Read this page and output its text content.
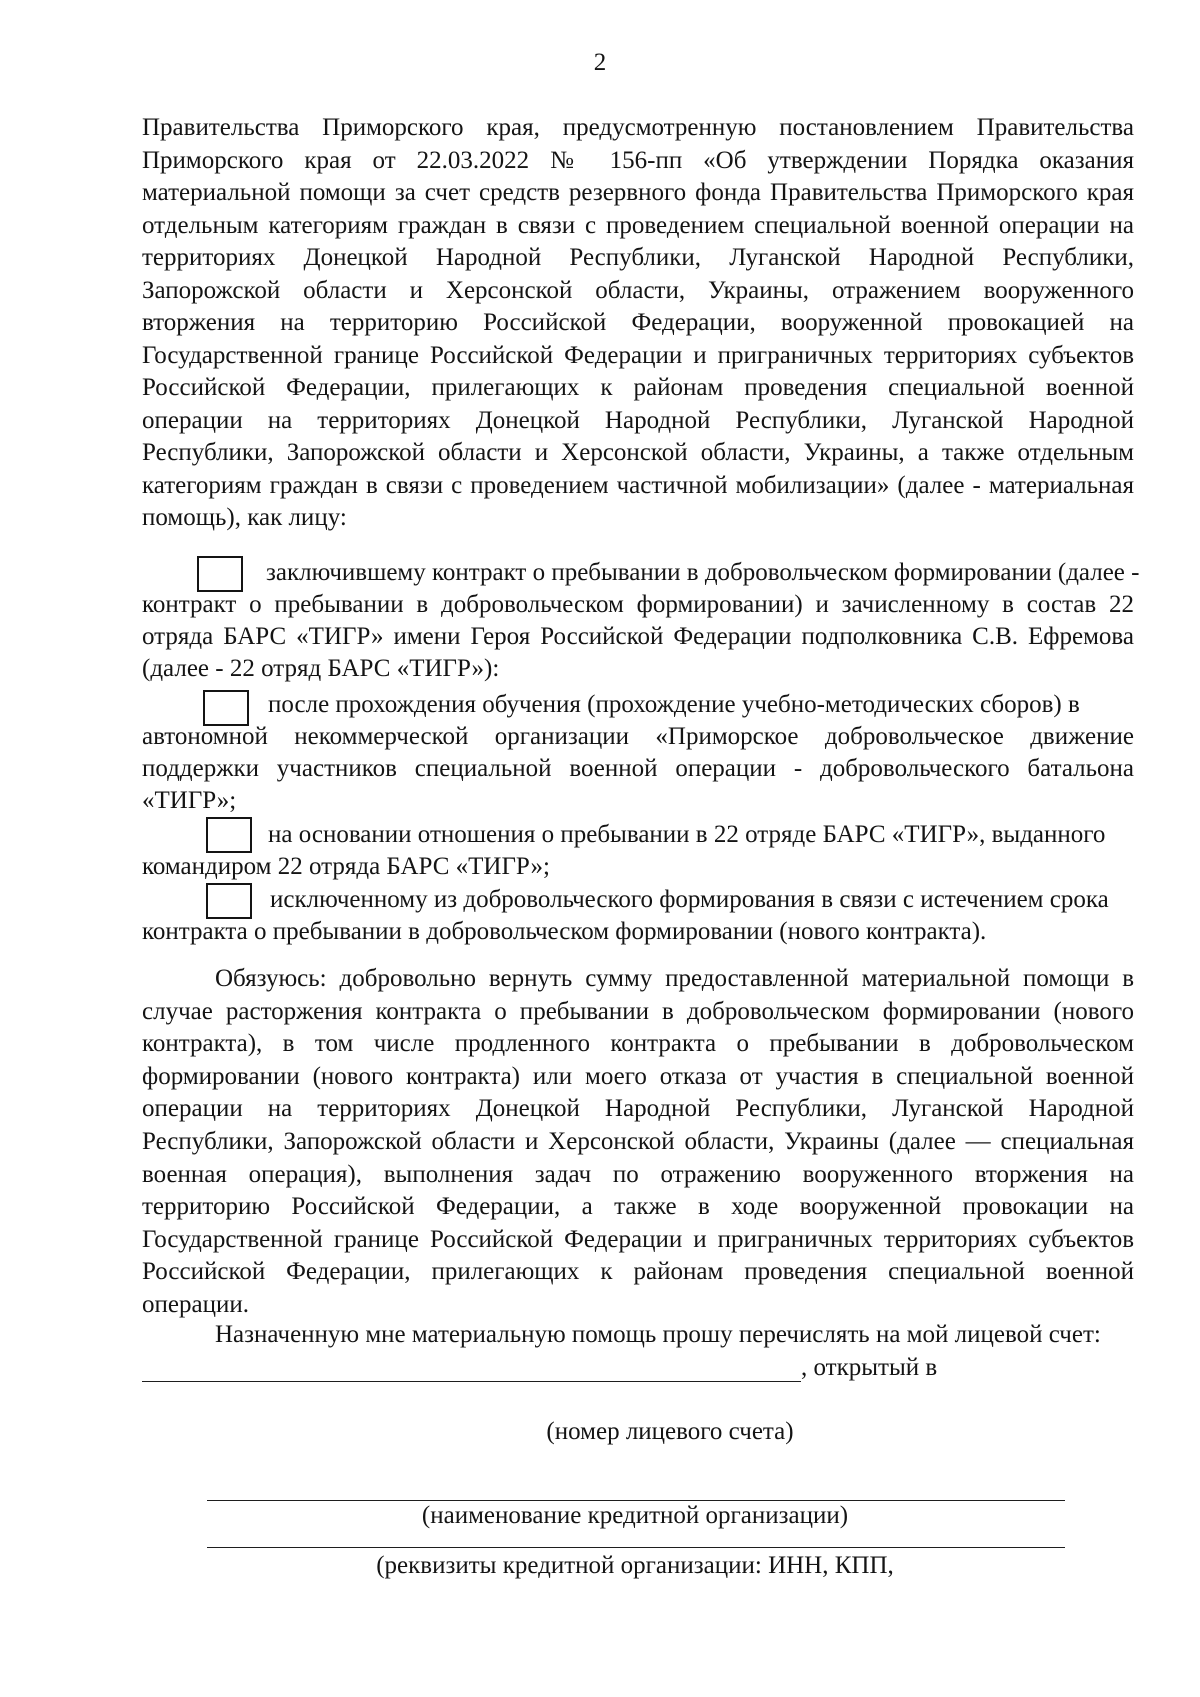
2
Правительства Приморского края, предусмотренную постановлением Правительства Приморского края от 22.03.2022 № 156-пп «Об утверждении Порядка оказания материальной помощи за счет средств резервного фонда Правительства Приморского края отдельным категориям граждан в связи с проведением специальной военной операции на территориях Донецкой Народной Республики, Луганской Народной Республики, Запорожской области и Херсонской области, Украины, отражением вооруженного вторжения на территорию Российской Федерации, вооруженной провокацией на Государственной границе Российской Федерации и приграничных территориях субъектов Российской Федерации, прилегающих к районам проведения специальной военной операции на территориях Донецкой Народной Республики, Луганской Народной Республики, Запорожской области и Херсонской области, Украины, а также отдельным категориям граждан в связи с проведением частичной мобилизации» (далее - материальная помощь), как лицу:
заключившему контракт о пребывании в добровольческом формировании (далее -
контракт о пребывании в добровольческом формировании) и зачисленному в состав 22 отряда БАРС «ТИГР» имени Героя Российской Федерации подполковника С.В. Ефремова (далее - 22 отряд БАРС «ТИГР»):
после прохождения обучения (прохождение учебно-методических сборов) в
автономной некоммерческой организации «Приморское добровольческое движение поддержки участников специальной военной операции - добровольческого батальона «ТИГР»;
на основании отношения о пребывании в 22 отряде БАРС «ТИГР», выданного
командиром 22 отряда БАРС «ТИГР»;
исключенному из добровольческого формирования в связи с истечением срока
контракта о пребывании в добровольческом формировании (нового контракта).
Обязуюсь: добровольно вернуть сумму предоставленной материальной помощи в случае расторжения контракта о пребывании в добровольческом формировании (нового контракта), в том числе продленного контракта о пребывании в добровольческом формировании (нового контракта) или моего отказа от участия в специальной военной операции на территориях Донецкой Народной Республики, Луганской Народной Республики, Запорожской области и Херсонской области, Украины (далее — специальная военная операция), выполнения задач по отражению вооруженного вторжения на территорию Российской Федерации, а также в ходе вооруженной провокации на Государственной границе Российской Федерации и приграничных территориях субъектов Российской Федерации, прилегающих к районам проведения специальной военной операции.
Назначенную мне материальную помощь прошу перечислять на мой лицевой счет:
, открытый в
(номер лицевого счета)
(наименование кредитной организации)
(реквизиты кредитной организации: ИНН, КПП,
